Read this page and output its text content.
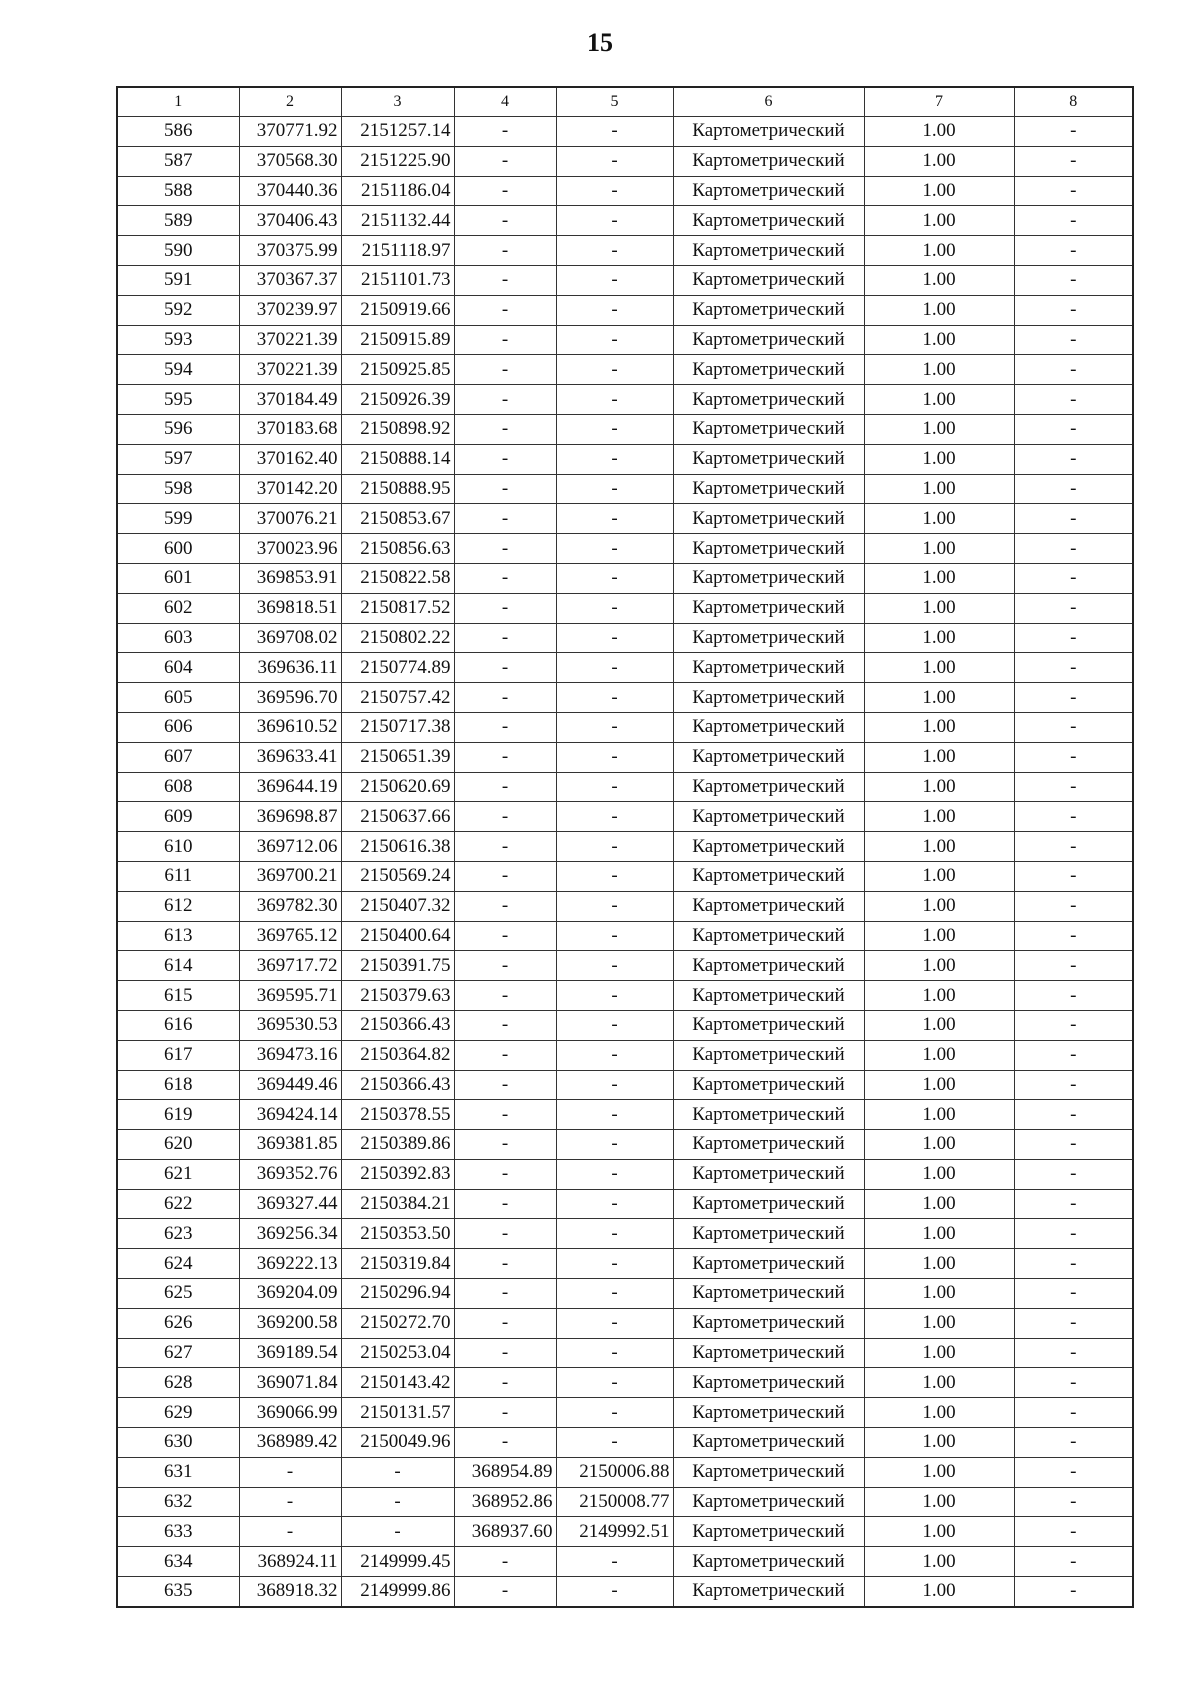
15
1	2	3	4	5	6	7	8
586	370771.92	2151257.14	-	-	Картометрический	1.00	-
587	370568.30	2151225.90	-	-	Картометрический	1.00	-
588	370440.36	2151186.04	-	-	Картометрический	1.00	-
589	370406.43	2151132.44	-	-	Картометрический	1.00	-
590	370375.99	2151118.97	-	-	Картометрический	1.00	-
591	370367.37	2151101.73	-	-	Картометрический	1.00	-
592	370239.97	2150919.66	-	-	Картометрический	1.00	-
593	370221.39	2150915.89	-	-	Картометрический	1.00	-
594	370221.39	2150925.85	-	-	Картометрический	1.00	-
595	370184.49	2150926.39	-	-	Картометрический	1.00	-
596	370183.68	2150898.92	-	-	Картометрический	1.00	-
597	370162.40	2150888.14	-	-	Картометрический	1.00	-
598	370142.20	2150888.95	-	-	Картометрический	1.00	-
599	370076.21	2150853.67	-	-	Картометрический	1.00	-
600	370023.96	2150856.63	-	-	Картометрический	1.00	-
601	369853.91	2150822.58	-	-	Картометрический	1.00	-
602	369818.51	2150817.52	-	-	Картометрический	1.00	-
603	369708.02	2150802.22	-	-	Картометрический	1.00	-
604	369636.11	2150774.89	-	-	Картометрический	1.00	-
605	369596.70	2150757.42	-	-	Картометрический	1.00	-
606	369610.52	2150717.38	-	-	Картометрический	1.00	-
607	369633.41	2150651.39	-	-	Картометрический	1.00	-
608	369644.19	2150620.69	-	-	Картометрический	1.00	-
609	369698.87	2150637.66	-	-	Картометрический	1.00	-
610	369712.06	2150616.38	-	-	Картометрический	1.00	-
611	369700.21	2150569.24	-	-	Картометрический	1.00	-
612	369782.30	2150407.32	-	-	Картометрический	1.00	-
613	369765.12	2150400.64	-	-	Картометрический	1.00	-
614	369717.72	2150391.75	-	-	Картометрический	1.00	-
615	369595.71	2150379.63	-	-	Картометрический	1.00	-
616	369530.53	2150366.43	-	-	Картометрический	1.00	-
617	369473.16	2150364.82	-	-	Картометрический	1.00	-
618	369449.46	2150366.43	-	-	Картометрический	1.00	-
619	369424.14	2150378.55	-	-	Картометрический	1.00	-
620	369381.85	2150389.86	-	-	Картометрический	1.00	-
621	369352.76	2150392.83	-	-	Картометрический	1.00	-
622	369327.44	2150384.21	-	-	Картометрический	1.00	-
623	369256.34	2150353.50	-	-	Картометрический	1.00	-
624	369222.13	2150319.84	-	-	Картометрический	1.00	-
625	369204.09	2150296.94	-	-	Картометрический	1.00	-
626	369200.58	2150272.70	-	-	Картометрический	1.00	-
627	369189.54	2150253.04	-	-	Картометрический	1.00	-
628	369071.84	2150143.42	-	-	Картометрический	1.00	-
629	369066.99	2150131.57	-	-	Картометрический	1.00	-
630	368989.42	2150049.96	-	-	Картометрический	1.00	-
631	-	-	368954.89	2150006.88	Картометрический	1.00	-
632	-	-	368952.86	2150008.77	Картометрический	1.00	-
633	-	-	368937.60	2149992.51	Картометрический	1.00	-
634	368924.11	2149999.45	-	-	Картометрический	1.00	-
635	368918.32	2149999.86	-	-	Картометрический	1.00	-
